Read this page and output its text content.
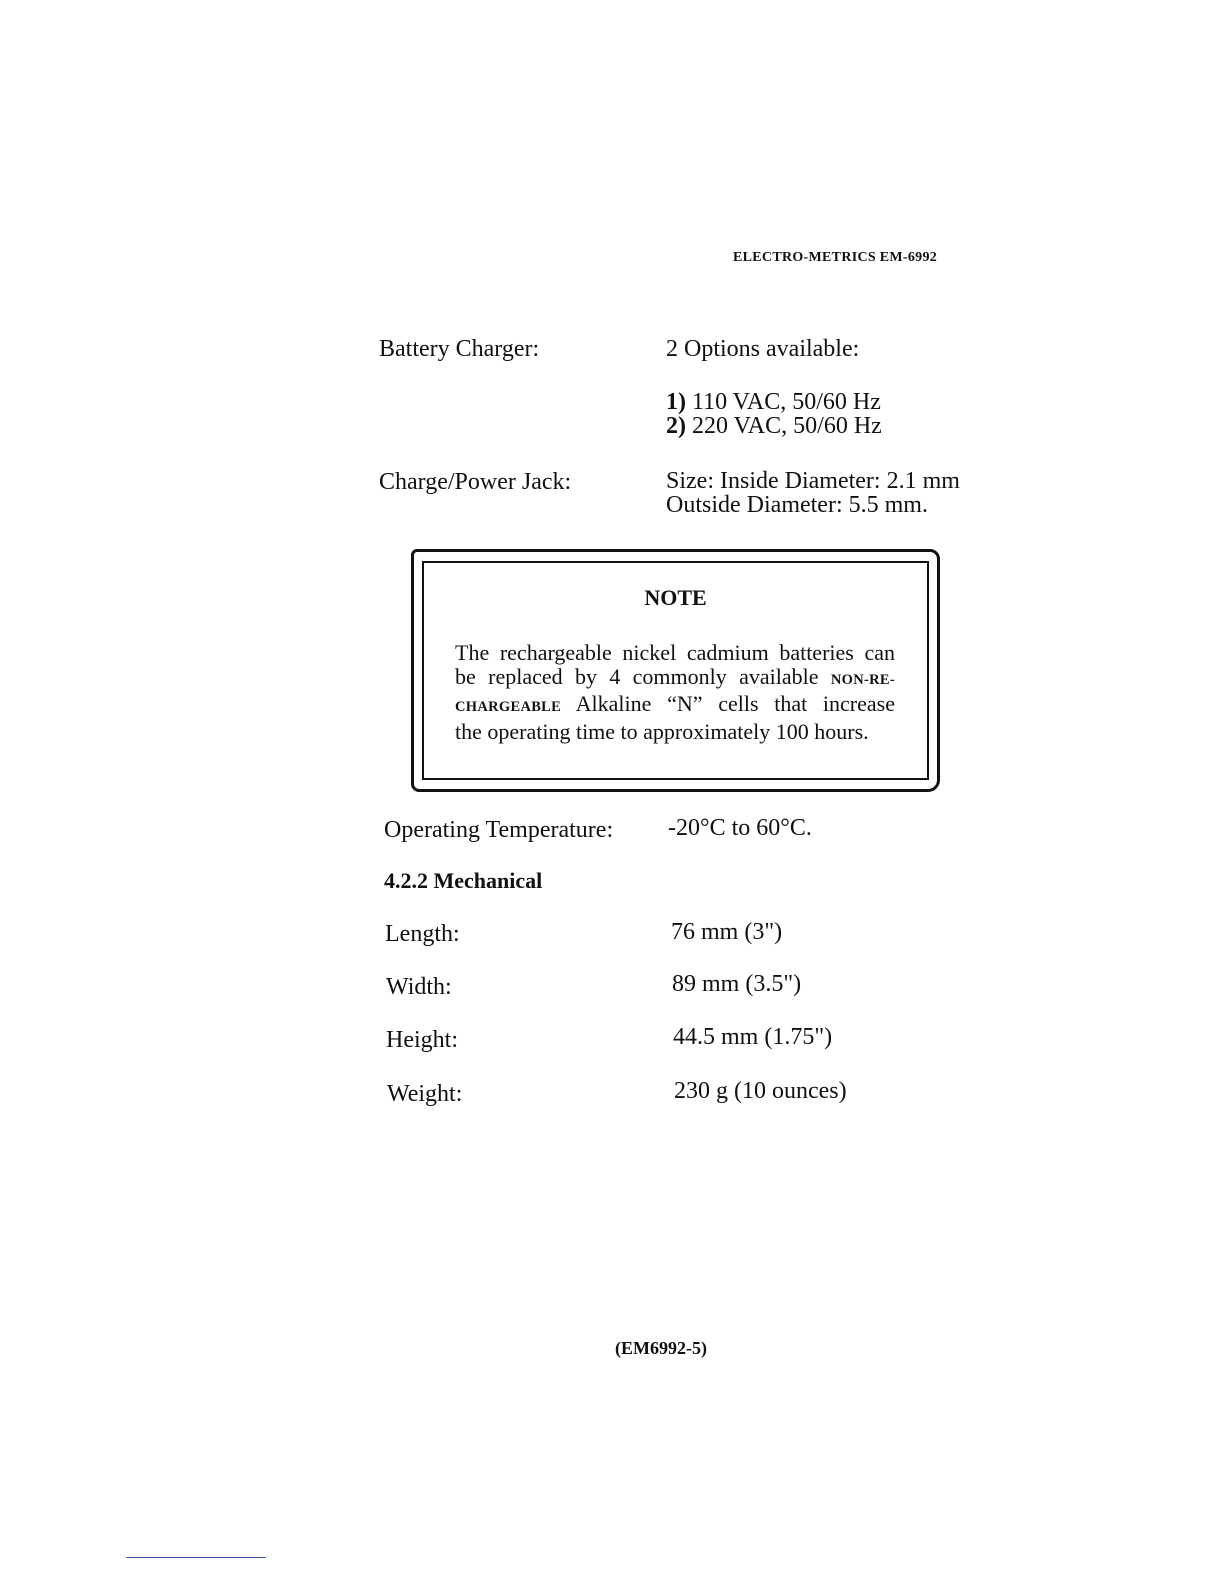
ELECTRO-METRICS EM-6992
Battery Charger:	2 Options available:
1) 110 VAC, 50/60 Hz
2) 220 VAC, 50/60 Hz
Charge/Power Jack:	Size: Inside Diameter: 2.1 mm
Outside Diameter: 5.5 mm.
NOTE
The rechargeable nickel cadmium batteries can
be replaced by 4 commonly available NON-RE-
CHARGEABLE Alkaline “N” cells that increase
the operating time to approximately 100 hours.
Operating Temperature: -20°C to 60°C.
4.2.2 Mechanical
Length:	76 mm (3")
Width:	89 mm (3.5")
Height:	44.5 mm (1.75")
Weight:	230 g (10 ounces)
(EM6992-5)
